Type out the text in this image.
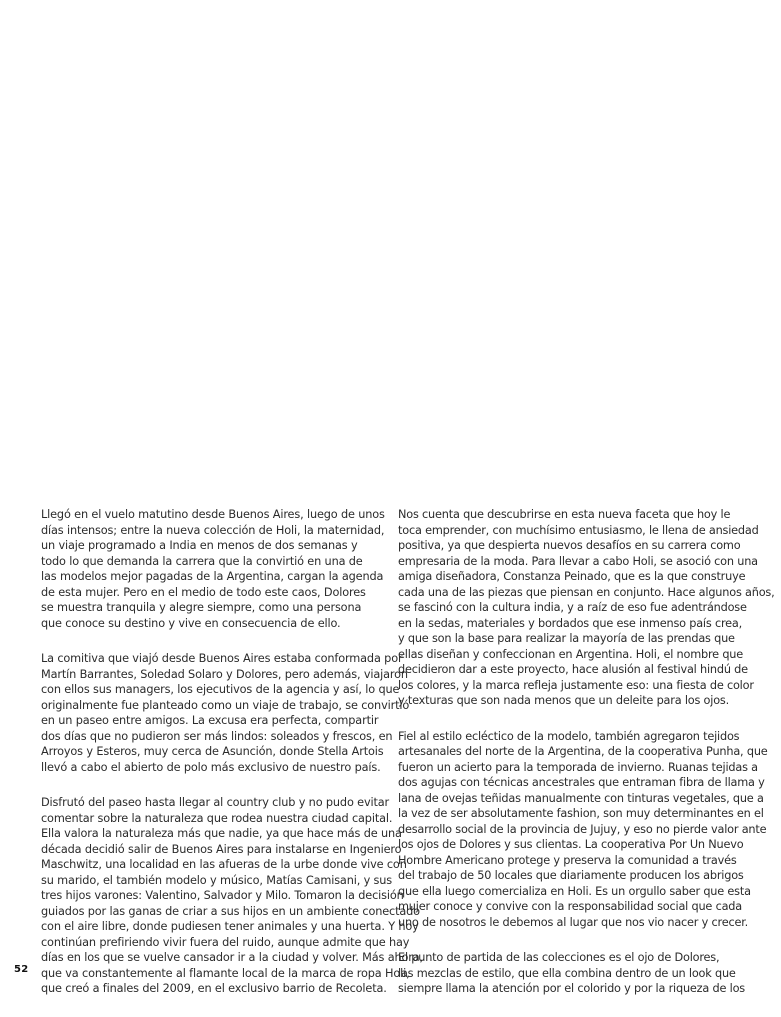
Llegó en el vuelo matutino desde Buenos Aires, luego de unos
días intensos; entre la nueva colección de Holi, la maternidad,
un viaje programado a India en menos de dos semanas y
todo lo que demanda la carrera que la convirtió en una de
las modelos mejor pagadas de la Argentina, cargan la agenda
de esta mujer. Pero en el medio de todo este caos, Dolores
se muestra tranquila y alegre siempre, como una persona
que conoce su destino y vive en consecuencia de ello.

La comitiva que viajó desde Buenos Aires estaba conformada por
Martín Barrantes, Soledad Solaro y Dolores, pero además, viajaron
con ellos sus managers, los ejecutivos de la agencia y así, lo que
originalmente fue planteado como un viaje de trabajo, se convirtió
en un paseo entre amigos. La excusa era perfecta, compartir
dos días que no pudieron ser más lindos: soleados y frescos, en
Arroyos y Esteros, muy cerca de Asunción, donde Stella Artois
llevó a cabo el abierto de polo más exclusivo de nuestro país.

Disfrutó del paseo hasta llegar al country club y no pudo evitar
comentar sobre la naturaleza que rodea nuestra ciudad capital.
Ella valora la naturaleza más que nadie, ya que hace más de una
década decidió salir de Buenos Aires para instalarse en Ingeniero
Maschwitz, una localidad en las afueras de la urbe donde vive con
su marido, el también modelo y músico, Matías Camisani, y sus
tres hijos varones: Valentino, Salvador y Milo. Tomaron la decisión
guiados por las ganas de criar a sus hijos en un ambiente conectado
con el aire libre, donde pudiesen tener animales y una huerta. Y hoy
continúan prefiriendo vivir fuera del ruido, aunque admite que hay
días en los que se vuelve cansador ir a la ciudad y volver. Más ahora,
que va constantemente al flamante local de la marca de ropa Holi,
que creó a finales del 2009, en el exclusivo barrio de Recoleta.

Nos cuenta que descubrirse en esta nueva faceta que hoy le
toca emprender, con muchísimo entusiasmo, le llena de ansiedad
positiva, ya que despierta nuevos desafíos en su carrera como
empresaria de la moda. Para llevar a cabo Holi, se asoció con una
amiga diseñadora, Constanza Peinado, que es la que construye
cada una de las piezas que piensan en conjunto. Hace algunos años,
se fascinó con la cultura india, y a raíz de eso fue adentrándose
en la sedas, materiales y bordados que ese inmenso país crea,
y que son la base para realizar la mayoría de las prendas que
ellas diseñan y confeccionan en Argentina. Holi, el nombre que
decidieron dar a este proyecto, hace alusión al festival hindú de
los colores, y la marca refleja justamente eso: una fiesta de color
y texturas que son nada menos que un deleite para los ojos.

Fiel al estilo ecléctico de la modelo, también agregaron tejidos
artesanales del norte de la Argentina, de la cooperativa Punha, que
fueron un acierto para la temporada de invierno. Ruanas tejidas a
dos agujas con técnicas ancestrales que entraman fibra de llama y
lana de ovejas teñidas manualmente con tinturas vegetales, que a
la vez de ser absolutamente fashion, son muy determinantes en el
desarrollo social de la provincia de Jujuy, y eso no pierde valor ante
los ojos de Dolores y sus clientas. La cooperativa Por Un Nuevo
Hombre Americano protege y preserva la comunidad a través
del trabajo de 50 locales que diariamente producen los abrigos
que ella luego comercializa en Holi. Es un orgullo saber que esta
mujer conoce y convive con la responsabilidad social que cada
uno de nosotros le debemos al lugar que nos vio nacer y crecer.

El punto de partida de las colecciones es el ojo de Dolores,
las mezclas de estilo, que ella combina dentro de un look que
siempre llama la atención por el colorido y por la riqueza de los

52
